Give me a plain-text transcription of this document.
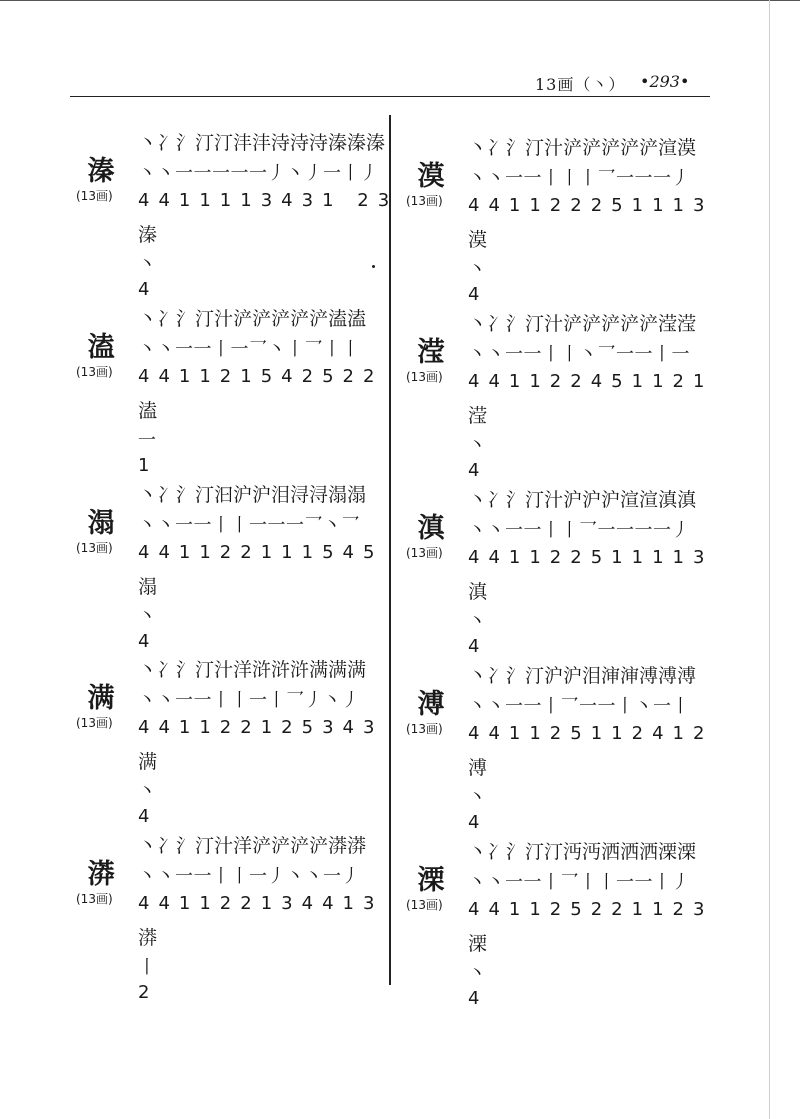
13画（丶） •293•
溱
(13画)
丶冫氵汀汀沣沣洔洔洔溱溱溱
丶丶一一一一一丿丶丿一丨丿
4411113431 23
溱
丶
4
溘
(13画)
丶冫氵汀汁浐浐浐浐浐溘溘
丶丶一一丨一乛丶丨乛丨丨
441121542522
溘
一
1
溻
(13画)
丶冫氵汀汩沪沪泪浔浔溻溻
丶丶一一丨丨一一一乛丶乛
441122111545
溻
丶
4
满
(13画)
丶冫氵汀汁洋浒浒浒满满满
丶丶一一丨丨一丨乛丿丶丿
441122125343
满
丶
4
漭
(13画)
丶冫氵汀汁洋浐浐浐浐漭漭
丶丶一一丨丨一丿丶丶一丿
441122134413
漭
丨
2
漠
(13画)
丶冫氵汀汁浐浐浐浐浐渲漠
丶丶一一丨丨丨乛一一一丿
441122251113
漠
丶
4
滢
(13画)
丶冫氵汀汁浐浐浐浐浐滢滢
丶丶一一丨丨丶乛一一丨一
441122451121
滢
丶
4
滇
(13画)
丶冫氵汀汁沪沪沪渲渲滇滇
丶丶一一丨丨乛一一一一丿
441122511113
滇
丶
4
溥
(13画)
丶冫氵汀沪沪泪渖渖溥溥溥
丶丶一一丨乛一一丨丶一丨
441125112412
溥
丶
4
溧
(13画)
丶冫氵汀汀沔沔洒洒洒溧溧
丶丶一一丨乛丨丨一一丨丿
441125221123
溧
丶
4
